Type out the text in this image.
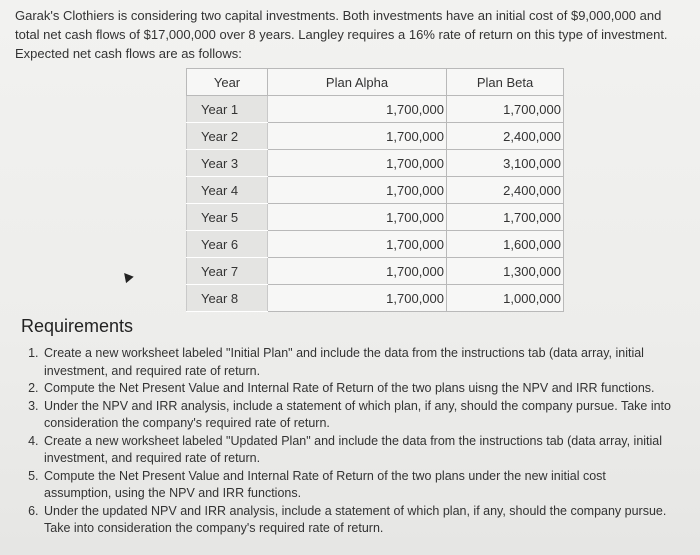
Garak's Clothiers is considering two capital investments. Both investments have an initial cost of $9,000,000 and total net cash flows of $17,000,000 over 8 years. Langley requires a 16% rate of return on this type of investment. Expected net cash flows are as follows:
Year	Plan Alpha	Plan Beta
Year 1	1,700,000	1,700,000
Year 2	1,700,000	2,400,000
Year 3	1,700,000	3,100,000
Year 4	1,700,000	2,400,000
Year 5	1,700,000	1,700,000
Year 6	1,700,000	1,600,000
Year 7	1,700,000	1,300,000
Year 8	1,700,000	1,000,000
Requirements
1. Create a new worksheet labeled "Initial Plan" and include the data from the instructions tab (data array, initial investment, and required rate of return.
2. Compute the Net Present Value and Internal Rate of Return of the two plans uisng the NPV and IRR functions.
3. Under the NPV and IRR analysis, include a statement of which plan, if any, should the company pursue. Take into consideration the company's required rate of return.
4. Create a new worksheet labeled "Updated Plan" and include the data from the instructions tab (data array, initial investment, and required rate of return.
5. Compute the Net Present Value and Internal Rate of Return of the two plans under the new initial cost assumption, using the NPV and IRR functions.
6. Under the updated NPV and IRR analysis, include a statement of which plan, if any, should the company pursue. Take into consideration the company's required rate of return.
